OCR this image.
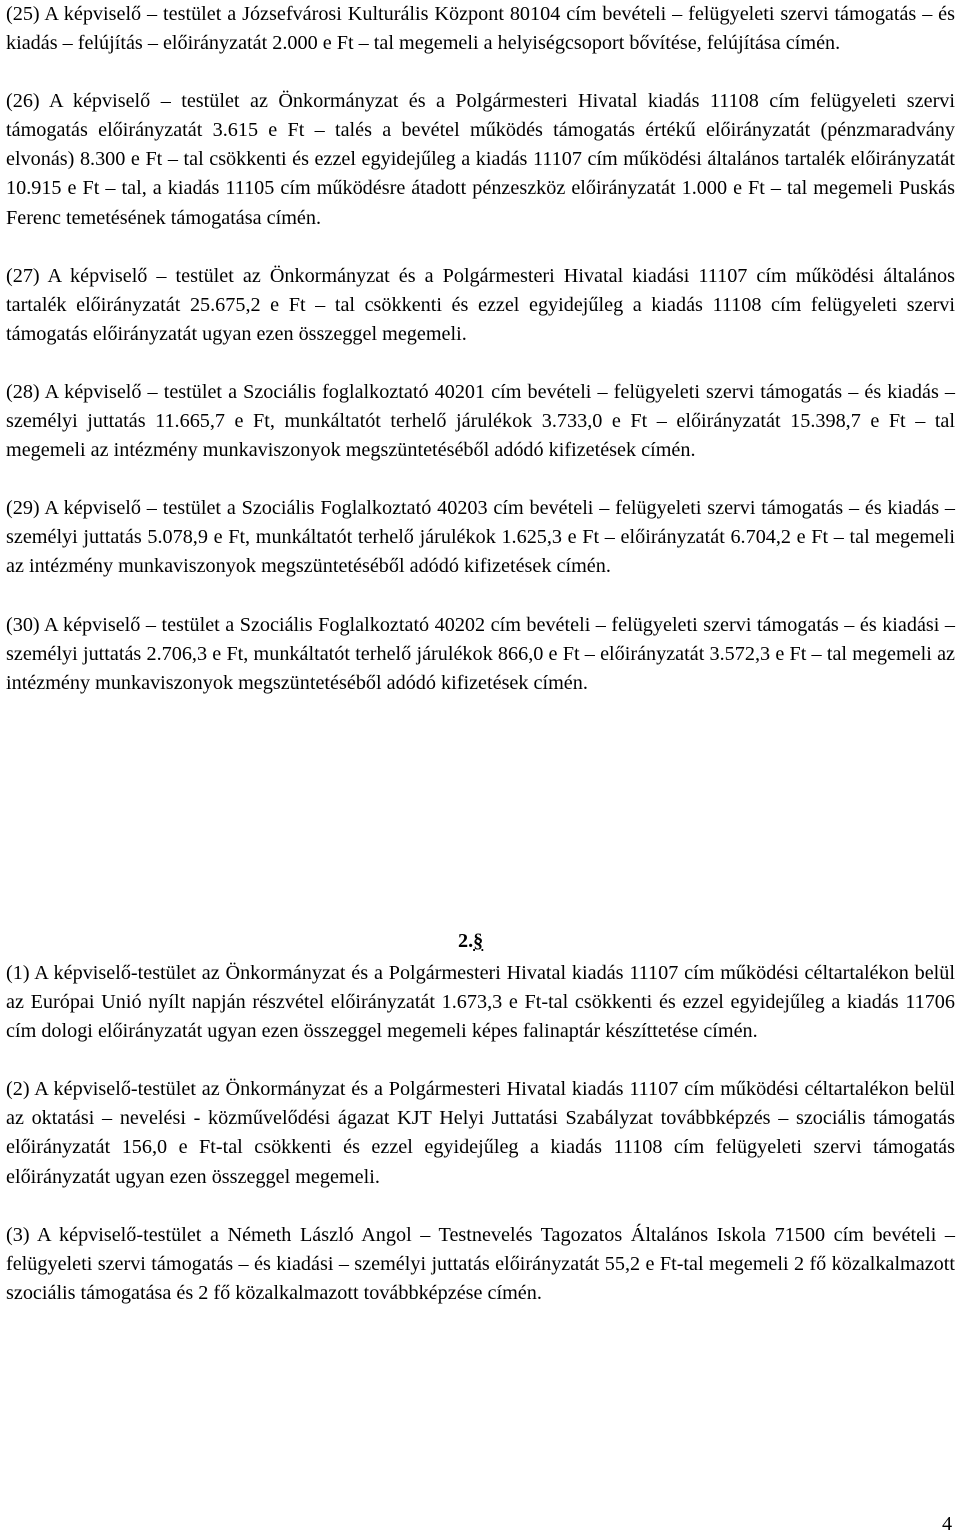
(25) A képviselő – testület a Józsefvárosi Kulturális Központ 80104 cím bevételi – felügyeleti szervi támogatás – és kiadás – felújítás – előirányzatát 2.000 e Ft – tal megemeli a helyiségcsoport bővítése, felújítása címén.

(26) A képviselő – testület az Önkormányzat és a Polgármesteri Hivatal kiadás 11108 cím felügyeleti szervi támogatás előirányzatát 3.615 e Ft – talés a bevétel működés támogatás értékű előirányzatát (pénzmaradvány elvonás) 8.300 e Ft – tal csökkenti és ezzel egyidejűleg a kiadás 11107 cím működési általános tartalék előirányzatát 10.915 e Ft – tal, a kiadás 11105 cím működésre átadott pénzeszköz előirányzatát 1.000 e Ft – tal megemeli Puskás Ferenc temetésének támogatása címén.

(27) A képviselő – testület az Önkormányzat és a Polgármesteri Hivatal kiadási 11107 cím működési általános tartalék előirányzatát 25.675,2 e Ft – tal csökkenti és ezzel egyidejűleg a kiadás 11108 cím felügyeleti szervi támogatás előirányzatát ugyan ezen összeggel megemeli.

(28) A képviselő – testület a Szociális foglalkoztató 40201 cím bevételi – felügyeleti szervi támogatás – és kiadás – személyi juttatás 11.665,7 e Ft, munkáltatót terhelő járulékok 3.733,0 e Ft – előirányzatát 15.398,7 e Ft – tal megemeli az intézmény munkaviszonyok megszüntetéséből adódó kifizetések címén.

(29) A képviselő – testület a Szociális Foglalkoztató 40203 cím bevételi – felügyeleti szervi támogatás – és kiadás – személyi juttatás 5.078,9 e Ft, munkáltatót terhelő járulékok 1.625,3 e Ft – előirányzatát 6.704,2 e Ft – tal megemeli az intézmény munkaviszonyok megszüntetéséből adódó kifizetések címén.

(30) A képviselő – testület a Szociális Foglalkoztató 40202 cím bevételi – felügyeleti szervi támogatás – és kiadási – személyi juttatás 2.706,3 e Ft, munkáltatót terhelő járulékok 866,0 e Ft – előirányzatát 3.572,3 e Ft – tal megemeli az intézmény munkaviszonyok megszüntetéséből adódó kifizetések címén.

2.§

(1) A képviselő-testület az Önkormányzat és a Polgármesteri Hivatal kiadás 11107 cím működési céltartalékon belül az Európai Unió nyílt napján részvétel előirányzatát 1.673,3 e Ft-tal csökkenti és ezzel egyidejűleg a kiadás 11706 cím dologi előirányzatát ugyan ezen összeggel megemeli képes falinaptár készíttetése címén.

(2) A képviselő-testület az Önkormányzat és a Polgármesteri Hivatal kiadás 11107 cím működési céltartalékon belül az oktatási – nevelési - közművelődési ágazat KJT Helyi Juttatási Szabályzat továbbképzés – szociális támogatás előirányzatát 156,0 e Ft-tal csökkenti és ezzel egyidejűleg a kiadás 11108 cím felügyeleti szervi támogatás előirányzatát ugyan ezen összeggel megemeli.

(3) A képviselő-testület a Németh László Angol – Testnevelés Tagozatos Általános Iskola 71500 cím bevételi – felügyeleti szervi támogatás – és kiadási – személyi juttatás előirányzatát 55,2 e Ft-tal megemeli 2 fő közalkalmazott szociális támogatása és 2 fő közalkalmazott továbbképzése címén.

4
